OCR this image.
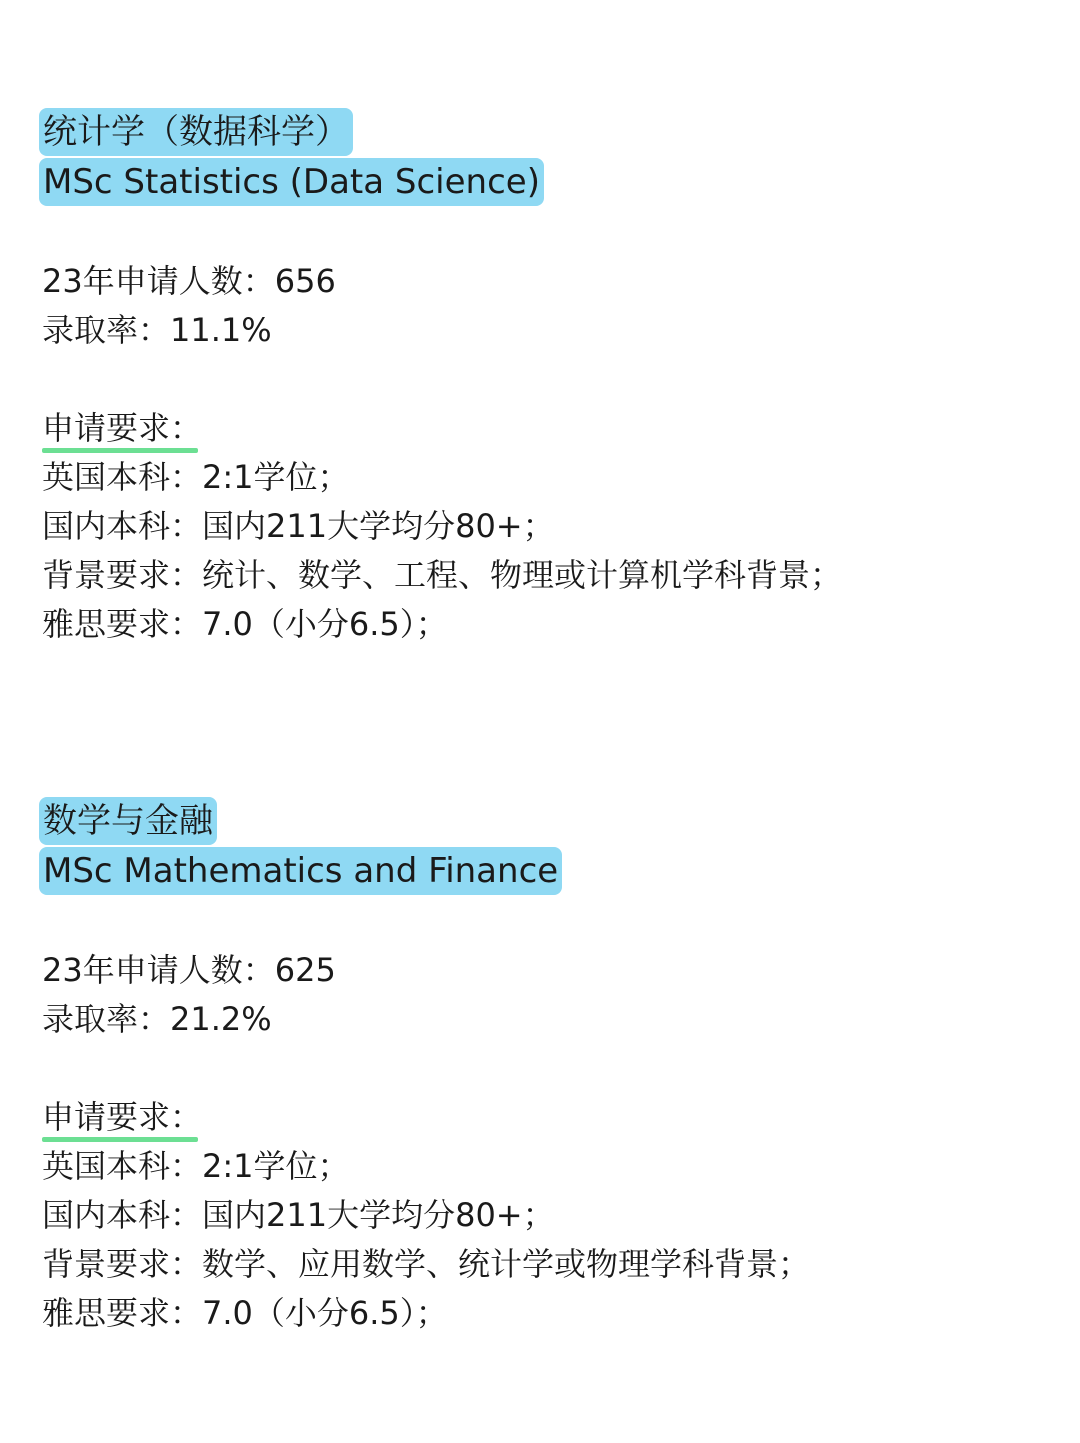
统计学（数据科学）
MSc Statistics (Data Science)
23年申请人数：656
录取率：11.1%
申请要求：
英国本科：2:1学位；
国内本科：国内211大学均分80+；
背景要求：统计、数学、工程、物理或计算机学科背景；
雅思要求：7.0（小分6.5）；
数学与金融
MSc Mathematics and Finance
23年申请人数：625
录取率：21.2%
申请要求：
英国本科：2:1学位；
国内本科：国内211大学均分80+；
背景要求：数学、应用数学、统计学或物理学科背景；
雅思要求：7.0（小分6.5）；
